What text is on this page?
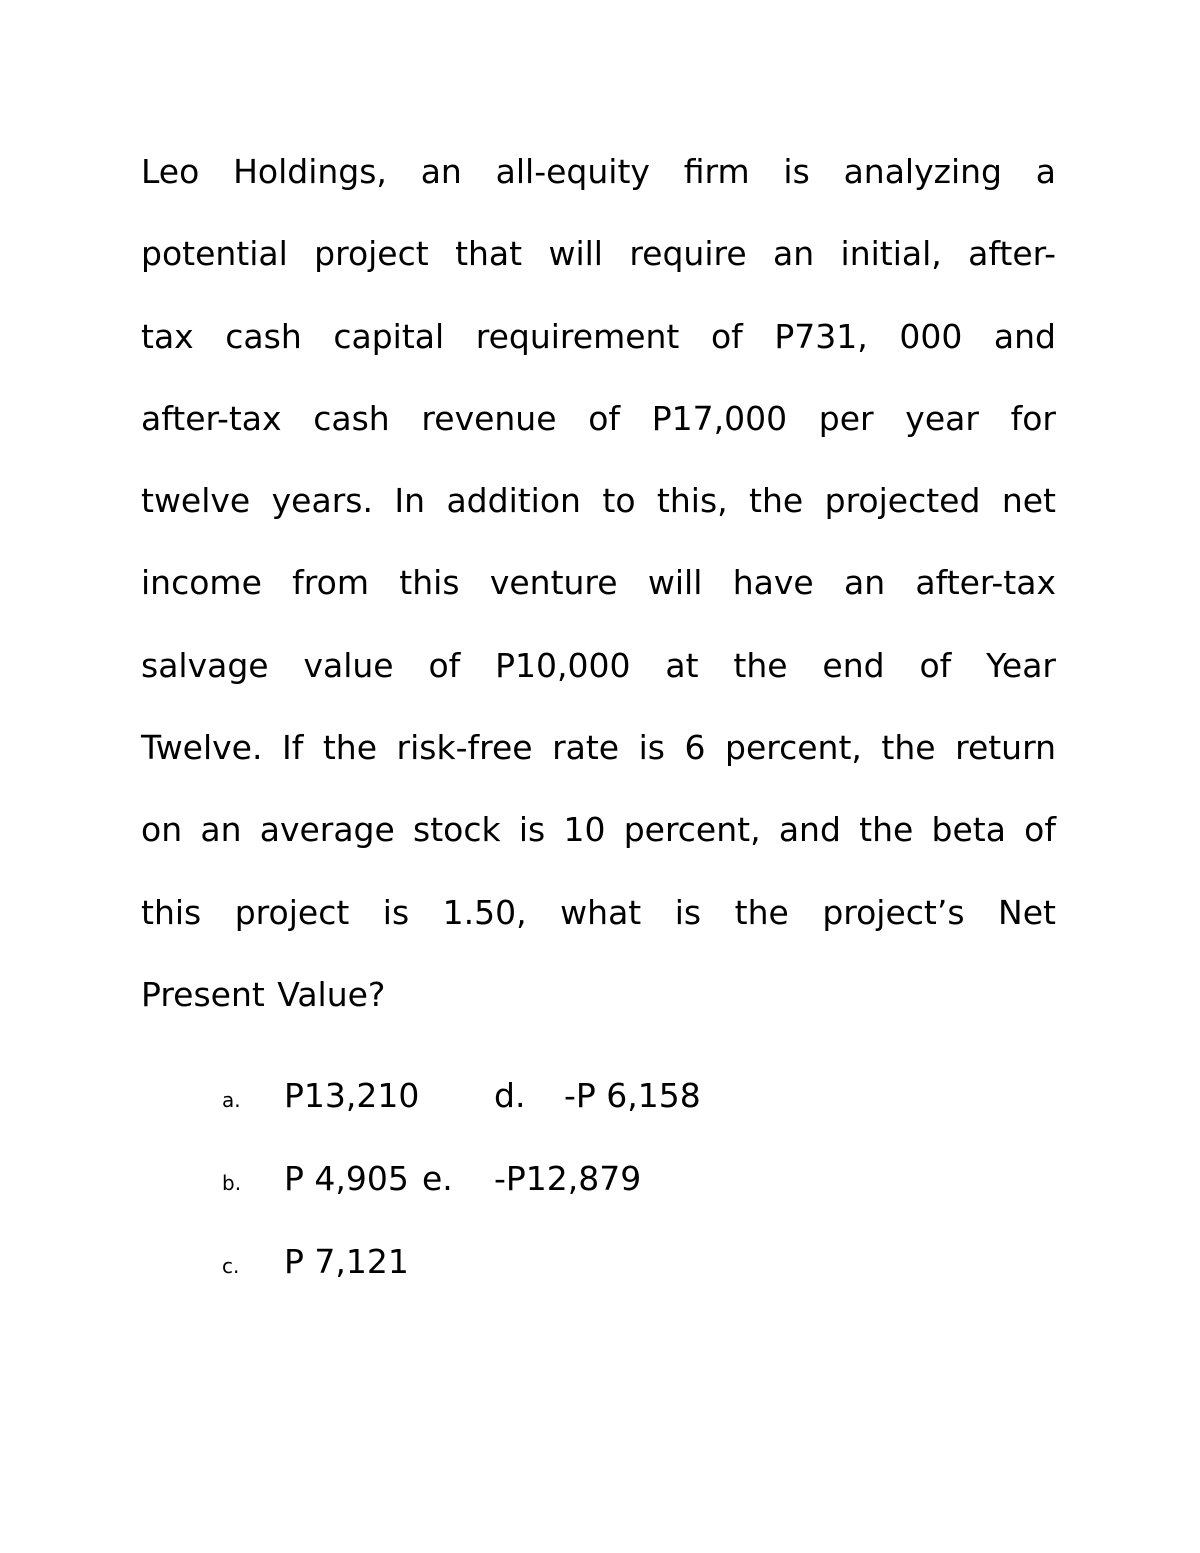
Leo Holdings, an all-equity firm is analyzing a
potential project that will require an initial, after-
tax cash capital requirement of P731, 000 and
after-tax cash revenue of P17,000 per year for
twelve years. In addition to this, the projected net
income from this venture will have an after-tax
salvage value of P10,000 at the end of Year
Twelve. If the risk-free rate is 6 percent, the return
on an average stock is 10 percent, and the beta of
this project is 1.50, what is the project’s Net
Present Value?
a. P13,210 d. -P 6,158
b. P 4,905 e. -P12,879
c. P 7,121
